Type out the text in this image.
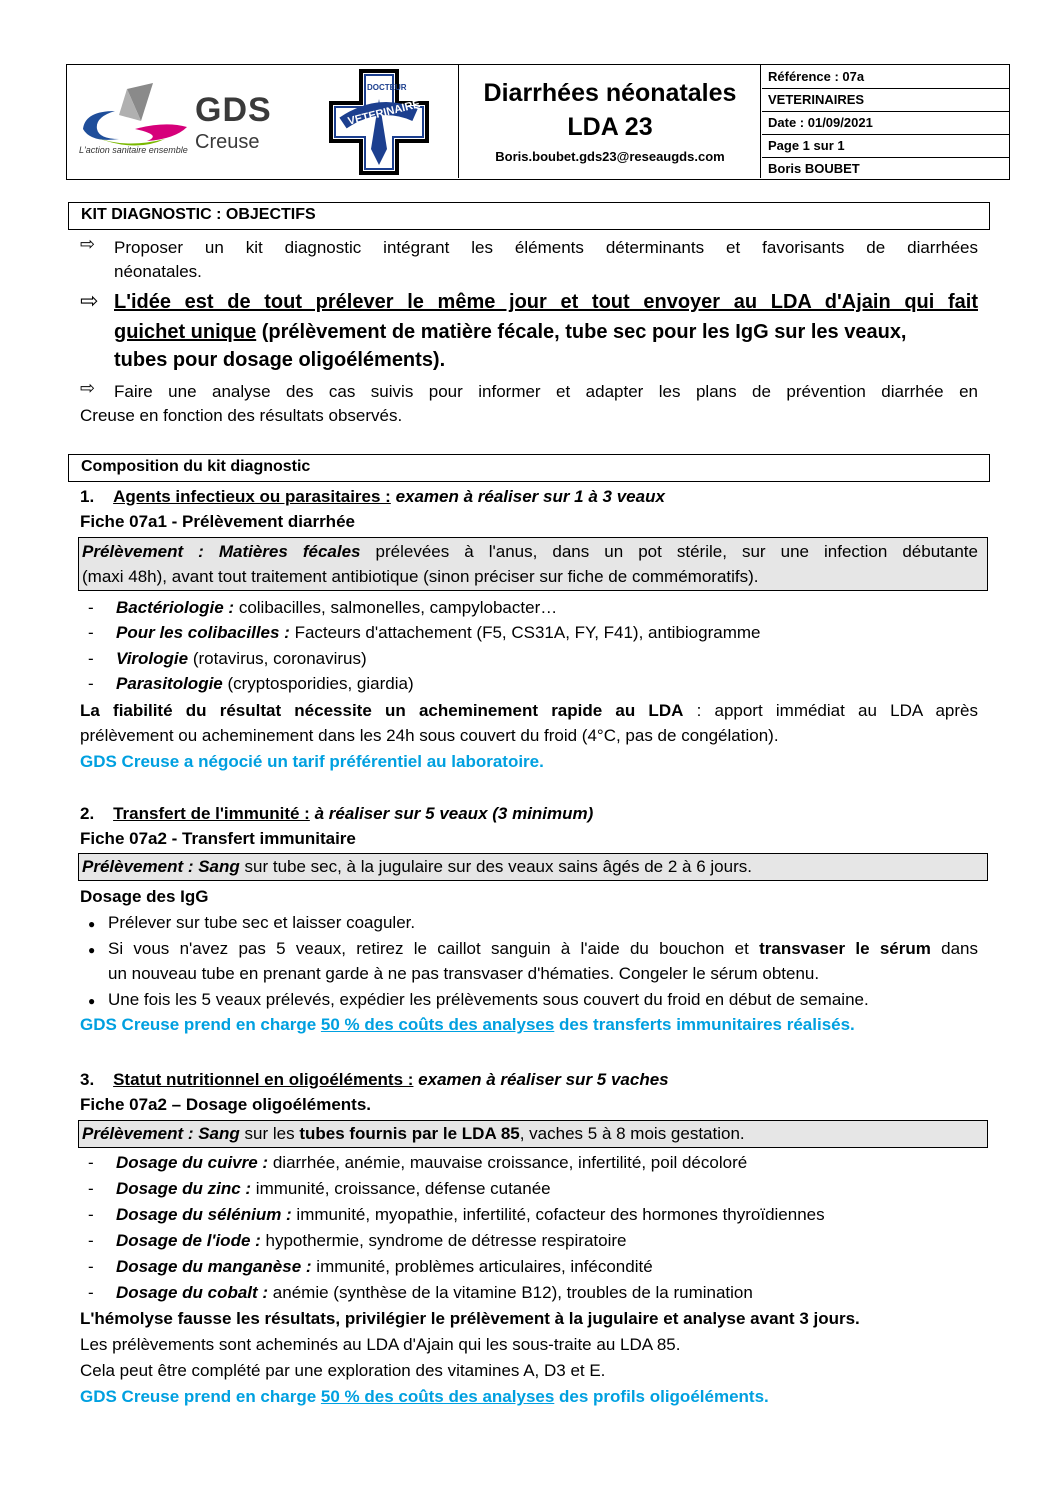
GDS
Creuse
L'action sanitaire ensemble
DOCTEUR
VETERINAIRE
Diarrhées néonatales
LDA 23
Boris.boubet.gds23@reseaugds.com
Référence : 07a
VETERINAIRES
Date : 01/09/2021
Page 1 sur 1
Boris BOUBET
KIT DIAGNOSTIC : OBJECTIFS
⇨ Proposer un kit diagnostic intégrant les éléments déterminants et favorisants de diarrhées
néonatales.
⇨ L'idée est de tout prélever le même jour et tout envoyer au LDA d'Ajain qui fait
guichet unique (prélèvement de matière fécale, tube sec pour les IgG sur les veaux,
tubes pour dosage oligoéléments).
⇨ Faire une analyse des cas suivis pour informer et adapter les plans de prévention diarrhée en
Creuse en fonction des résultats observés.
Composition du kit diagnostic
1. Agents infectieux ou parasitaires : examen à réaliser sur 1 à 3 veaux
Fiche 07a1 - Prélèvement diarrhée
Prélèvement : Matières fécales prélevées à l'anus, dans un pot stérile, sur une infection débutante
(maxi 48h), avant tout traitement antibiotique (sinon préciser sur fiche de commémoratifs).
- Bactériologie : colibacilles, salmonelles, campylobacter…
- Pour les colibacilles : Facteurs d'attachement (F5, CS31A, FY, F41), antibiogramme
- Virologie (rotavirus, coronavirus)
- Parasitologie (cryptosporidies, giardia)
La fiabilité du résultat nécessite un acheminement rapide au LDA : apport immédiat au LDA après
prélèvement ou acheminement dans les 24h sous couvert du froid (4°C, pas de congélation).
GDS Creuse a négocié un tarif préférentiel au laboratoire.
2. Transfert de l'immunité : à réaliser sur 5 veaux (3 minimum)
Fiche 07a2 - Transfert immunitaire
Prélèvement : Sang sur tube sec, à la jugulaire sur des veaux sains âgés de 2 à 6 jours.
Dosage des IgG
● Prélever sur tube sec et laisser coaguler.
● Si vous n'avez pas 5 veaux, retirez le caillot sanguin à l'aide du bouchon et transvaser le sérum dans
un nouveau tube en prenant garde à ne pas transvaser d'hématies. Congeler le sérum obtenu.
● Une fois les 5 veaux prélevés, expédier les prélèvements sous couvert du froid en début de semaine.
GDS Creuse prend en charge 50 % des coûts des analyses des transferts immunitaires réalisés.
3. Statut nutritionnel en oligoéléments : examen à réaliser sur 5 vaches
Fiche 07a2 – Dosage oligoéléments.
Prélèvement : Sang sur les tubes fournis par le LDA 85, vaches 5 à 8 mois gestation.
- Dosage du cuivre : diarrhée, anémie, mauvaise croissance, infertilité, poil décoloré
- Dosage du zinc : immunité, croissance, défense cutanée
- Dosage du sélénium : immunité, myopathie, infertilité, cofacteur des hormones thyroïdiennes
- Dosage de l'iode : hypothermie, syndrome de détresse respiratoire
- Dosage du manganèse : immunité, problèmes articulaires, infécondité
- Dosage du cobalt : anémie (synthèse de la vitamine B12), troubles de la rumination
L'hémolyse fausse les résultats, privilégier le prélèvement à la jugulaire et analyse avant 3 jours.
Les prélèvements sont acheminés au LDA d'Ajain qui les sous-traite au LDA 85.
Cela peut être complété par une exploration des vitamines A, D3 et E.
GDS Creuse prend en charge 50 % des coûts des analyses des profils oligoéléments.
